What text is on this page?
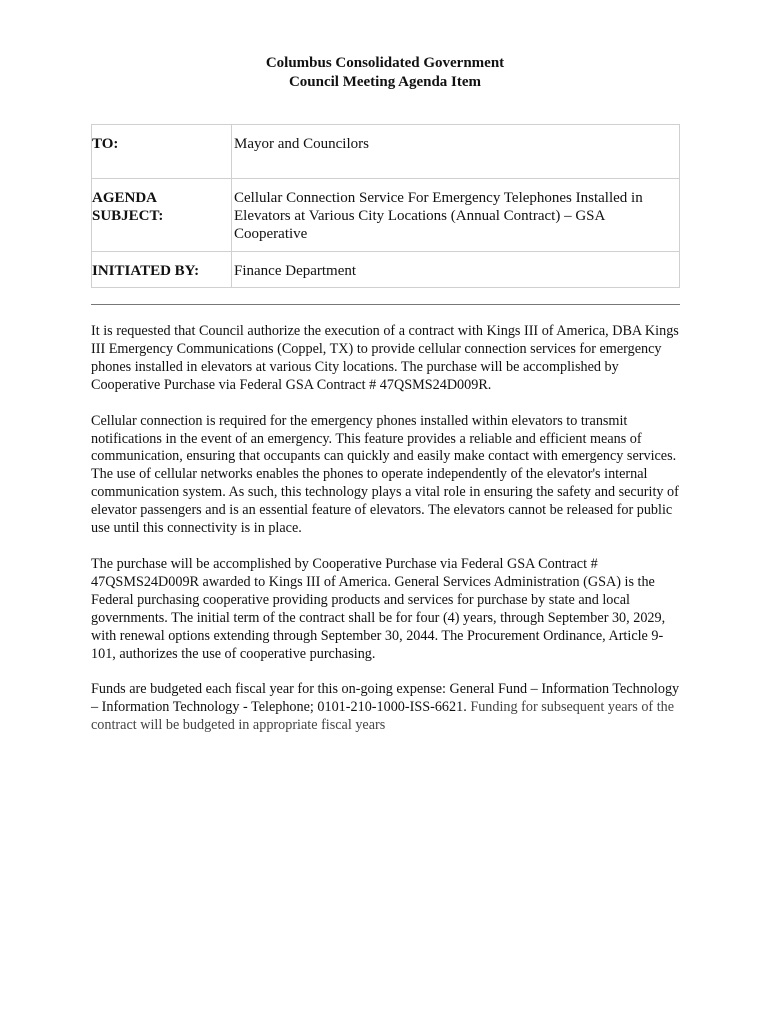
Columbus Consolidated Government
Council Meeting Agenda Item
TO:	Mayor and Councilors

AGENDA
SUBJECT:	Cellular Connection Service For Emergency Telephones Installed in Elevators at Various City Locations (Annual Contract) – GSA Cooperative
INITIATED BY:	Finance Department

It is requested that Council authorize the execution of a contract with Kings III of America, DBA Kings III Emergency Communications (Coppel, TX) to provide cellular connection services for emergency phones installed in elevators at various City locations. The purchase will be accomplished by Cooperative Purchase via Federal GSA Contract # 47QSMS24D009R.

Cellular connection is required for the emergency phones installed within elevators to transmit notifications in the event of an emergency. This feature provides a reliable and efficient means of communication, ensuring that occupants can quickly and easily make contact with emergency services. The use of cellular networks enables the phones to operate independently of the elevator's internal communication system. As such, this technology plays a vital role in ensuring the safety and security of elevator passengers and is an essential feature of elevators. The elevators cannot be released for public use until this connectivity is in place.

The purchase will be accomplished by Cooperative Purchase via Federal GSA Contract # 47QSMS24D009R awarded to Kings III of America. General Services Administration (GSA) is the Federal purchasing cooperative providing products and services for purchase by state and local governments. The initial term of the contract shall be for four (4) years, through September 30, 2029, with renewal options extending through September 30, 2044. The Procurement Ordinance, Article 9-101, authorizes the use of cooperative purchasing.

Funds are budgeted each fiscal year for this on-going expense: General Fund – Information Technology – Information Technology - Telephone; 0101-210-1000-ISS-6621. Funding for subsequent years of the contract will be budgeted in appropriate fiscal years
